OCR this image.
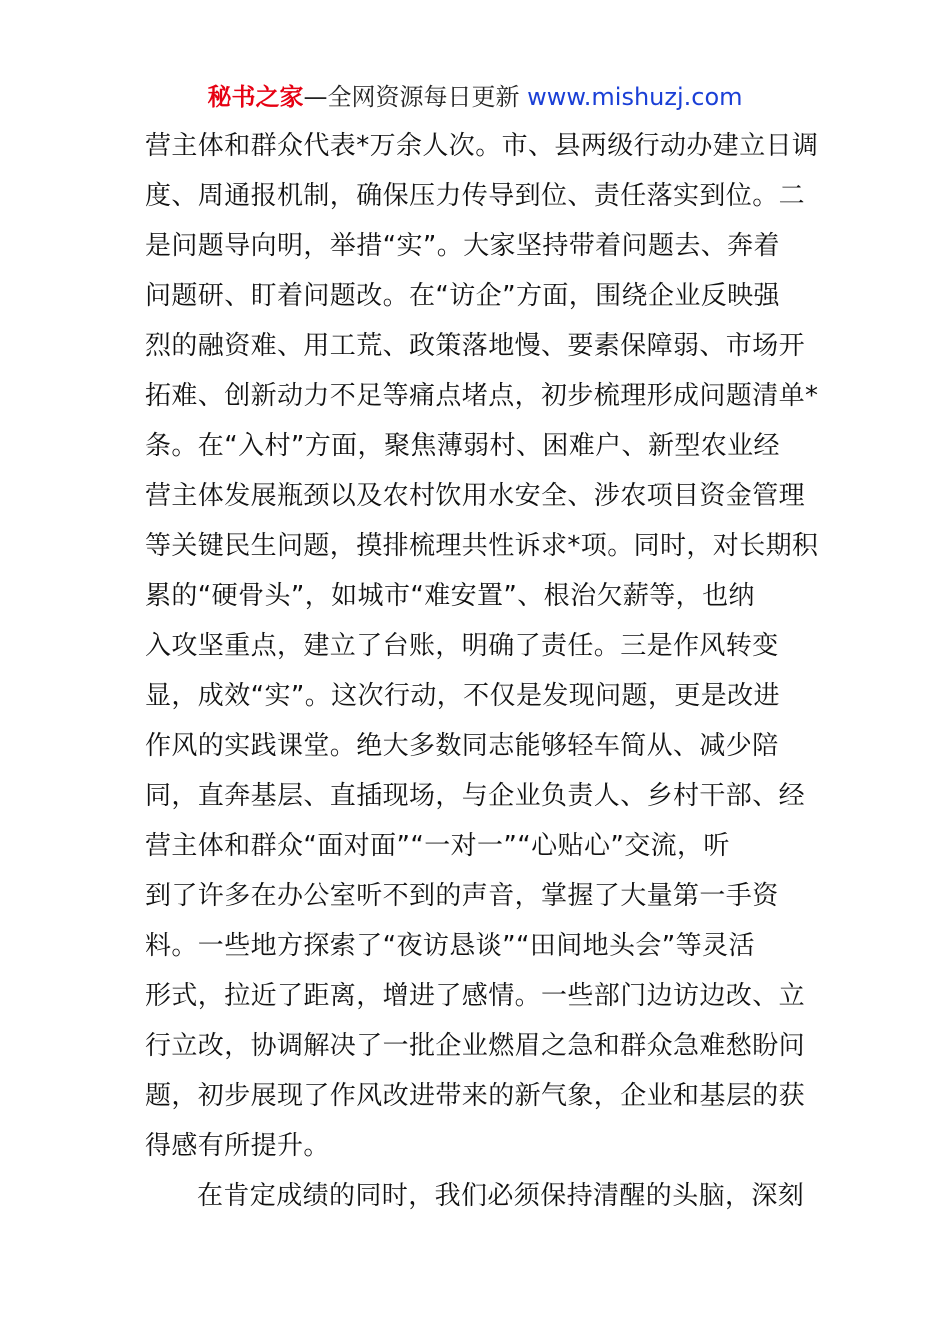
秘书之家—全网资源每日更新 www.mishuzj.com
营主体和群众代表*万余人次。市、县两级行动办建立日调
度、周通报机制，确保压力传导到位、责任落实到位。二
是问题导向明，举措“实”。大家坚持带着问题去、奔着
问题研、盯着问题改。在“访企”方面，围绕企业反映强
烈的融资难、用工荒、政策落地慢、要素保障弱、市场开
拓难、创新动力不足等痛点堵点，初步梳理形成问题清单*
条。在“入村”方面，聚焦薄弱村、困难户、新型农业经
营主体发展瓶颈以及农村饮用水安全、涉农项目资金管理
等关键民生问题，摸排梳理共性诉求*项。同时，对长期积
累的“硬骨头”，如城市“难安置”、根治欠薪等，也纳
入攻坚重点，建立了台账，明确了责任。三是作风转变
显，成效“实”。这次行动，不仅是发现问题，更是改进
作风的实践课堂。绝大多数同志能够轻车简从、减少陪
同，直奔基层、直插现场，与企业负责人、乡村干部、经
营主体和群众“面对面”“一对一”“心贴心”交流，听
到了许多在办公室听不到的声音，掌握了大量第一手资
料。一些地方探索了“夜访恳谈”“田间地头会”等灵活
形式，拉近了距离，增进了感情。一些部门边访边改、立
行立改，协调解决了一批企业燃眉之急和群众急难愁盼问
题，初步展现了作风改进带来的新气象，企业和基层的获
得感有所提升。
在肯定成绩的同时，我们必须保持清醒的头脑，深刻
